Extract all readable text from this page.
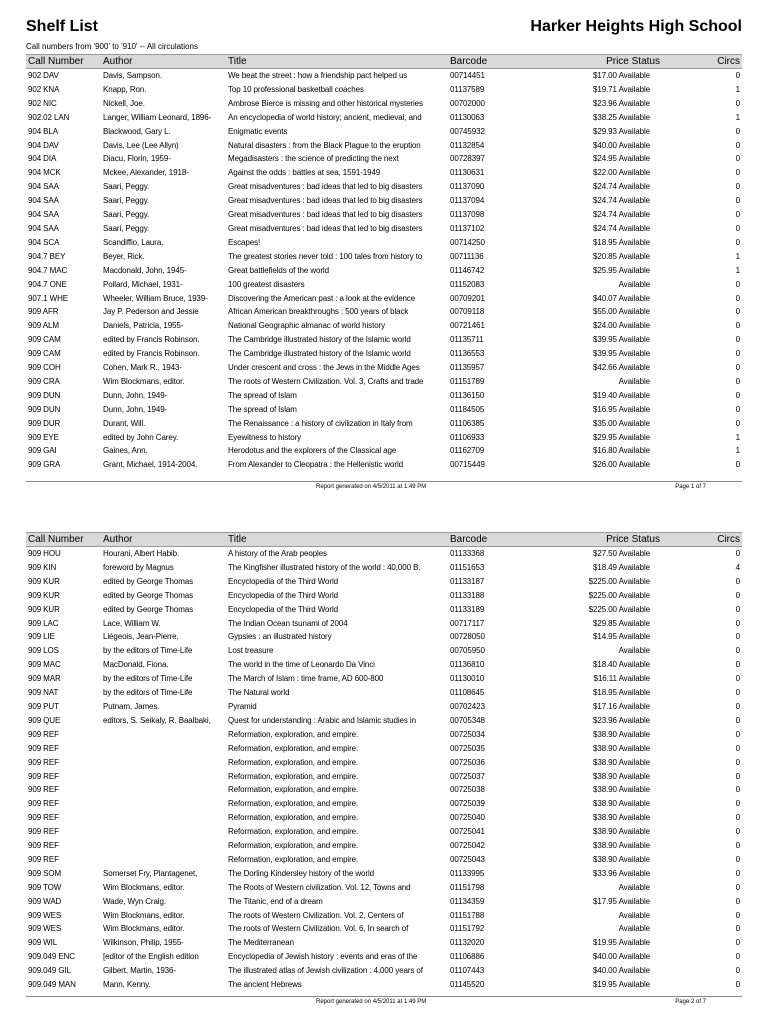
Shelf List	Harker Heights High School
Call numbers from '900' to '910' -- All circulations
Call Number	Author	Title	Barcode	Price Status	Circs
902 DAV	Davis, Sampson.	We beat the street : how a friendship pact helped us	00714451	$17.00 Available	0
902 KNA	Knapp, Ron.	Top 10 professional basketball coaches	01137589	$19.71 Available	1
902 NIC	Nickell, Joe.	Ambrose Bierce is missing and other historical mysteries	00702000	$23.96 Available	0
902.02 LAN	Langer, William Leonard, 1896-	An encyclopedia of world history; ancient, medieval, and	01130063	$38.25 Available	1
904 BLA	Blackwood, Gary L.	Enigmatic events	00745932	$29.93 Available	0
904 DAV	Davis, Lee (Lee Allyn)	Natural disasters : from the Black Plague to the eruption	01132854	$40.00 Available	0
904 DIA	Diacu, Florin, 1959-	Megadisasters : the science of predicting the next	00728397	$24.95 Available	0
904 MCK	Mckee, Alexander, 1918-	Against the odds : battles at sea, 1591-1949	01130631	$22.00 Available	0
904 SAA	Saari, Peggy.	Great misadventures : bad ideas that led to big disasters	01137090	$24.74 Available	0
904 SAA	Saari, Peggy.	Great misadventures : bad ideas that led to big disasters	01137094	$24.74 Available	0
904 SAA	Saari, Peggy.	Great misadventures : bad ideas that led to big disasters	01137098	$24.74 Available	0
904 SAA	Saari, Peggy.	Great misadventures : bad ideas that led to big disasters	01137102	$24.74 Available	0
904 SCA	Scandiffio, Laura.	Escapes!	00714250	$18.95 Available	0
904.7 BEY	Beyer, Rick.	The greatest stories never told : 100 tales from history to	00711136	$20.85 Available	1
904.7 MAC	Macdonald, John, 1945-	Great battlefields of the world	01146742	$25.95 Available	1
904.7 ONE	Pollard, Michael, 1931-	100 greatest disasters	01152083	Available	0
907.1 WHE	Wheeler, William Bruce, 1939-	Discovering the American past : a look at the evidence	00709201	$40.07 Available	0
909 AFR	Jay P. Pederson and Jessie	African American breakthroughs : 500 years of black	00709118	$55.00 Available	0
909 ALM	Daniels, Patricia, 1955-	National Geographic almanac of world history	00721461	$24.00 Available	0
909 CAM	edited by Francis Robinson.	The Cambridge illustrated history of the Islamic world	01135711	$39.95 Available	0
909 CAM	edited by Francis Robinson.	The Cambridge illustrated history of the Islamic world	01136553	$39.95 Available	0
909 COH	Cohen, Mark R., 1943-	Under crescent and cross : the Jews in the Middle Ages	01135957	$42.66 Available	0
909 CRA	Wim Blockmans, editor.	The roots of Western Civilization. Vol. 3, Crafts and trade	01151789	Available	0
909 DUN	Dunn, John, 1949-	The spread of Islam	01136150	$19.40 Available	0
909 DUN	Dunn, John, 1949-	The spread of Islam	01184505	$16.95 Available	0
909 DUR	Durant, Will.	The Renaissance : a history of civilization in Italy from	01106385	$35.00 Available	0
909 EYE	edited by John Carey.	Eyewitness to history	01106933	$29.95 Available	1
909 GAI	Gaines, Ann.	Herodotus and the explorers of the Classical age	01162709	$16.80 Available	1
909 GRA	Grant, Michael, 1914-2004.	From Alexander to Cleopatra : the Hellenistic world	00715449	$26.00 Available	0
Report generated on 4/5/2011 at 1:49 PM	Page 1 of 7
Call Number	Author	Title	Barcode	Price Status	Circs
909 HOU	Hourani, Albert Habib.	A history of the Arab peoples	01133368	$27.50 Available	0
909 KIN	foreword by Magnus	The Kingfisher illustrated history of the world : 40,000 B.	01151653	$18.49 Available	4
909 KUR	edited by George Thomas	Encyclopedia of the Third World	01133187	$225.00 Available	0
909 KUR	edited by George Thomas	Encyclopedia of the Third World	01133188	$225.00 Available	0
909 KUR	edited by George Thomas	Encyclopedia of the Third World	01133189	$225.00 Available	0
909 LAC	Lace, William W.	The Indian Ocean tsunami of 2004	00717117	$29.85 Available	0
909 LIE	Liégeois, Jean-Pierre.	Gypsies : an illustrated history	00728050	$14.95 Available	0
909 LOS	by the editors of Time-Life	Lost treasure	00705950	Available	0
909 MAC	MacDonald, Fiona.	The world in the time of Leonardo Da Vinci	01136810	$18.40 Available	0
909 MAR	by the editors of Time-Life	The March of Islam : time frame, AD 600-800	01130010	$16.11 Available	0
909 NAT	by the editors of Time-Life	The Natural world	01108645	$18.95 Available	0
909 PUT	Putnam, James.	Pyramid	00702423	$17.16 Available	0
909 QUE	editors, S. Seikaly, R. Baalbaki,	Quest for understanding : Arabic and Islamic studies in	00705348	$23.96 Available	0
909 REF		Reformation, exploration, and empire.	00725034	$38.90 Available	0
909 REF		Reformation, exploration, and empire.	00725035	$38.90 Available	0
909 REF		Reformation, exploration, and empire.	00725036	$38.90 Available	0
909 REF		Reformation, exploration, and empire.	00725037	$38.90 Available	0
909 REF		Reformation, exploration, and empire.	00725038	$38.90 Available	0
909 REF		Reformation, exploration, and empire.	00725039	$38.90 Available	0
909 REF		Reformation, exploration, and empire.	00725040	$38.90 Available	0
909 REF		Reformation, exploration, and empire.	00725041	$38.90 Available	0
909 REF		Reformation, exploration, and empire.	00725042	$38.90 Available	0
909 REF		Reformation, exploration, and empire.	00725043	$38.90 Available	0
909 SOM	Somerset Fry, Plantagenet,	The Dorling Kindersley history of the world	01133995	$33.96 Available	0
909 TOW	Wim Blockmans, editor.	The Roots of Western civilization. Vol. 12, Towns and	01151798	Available	0
909 WAD	Wade, Wyn Craig.	The Titanic, end of a dream	01134359	$17.95 Available	0
909 WES	Wim Blockmans, editor.	The roots of Western Civilization. Vol. 2, Centers of	01151788	Available	0
909 WES	Wim Blockmans, editor.	The roots of Western Civilization. Vol. 6, In search of	01151792	Available	0
909 WIL	Wilkinson, Philip, 1955-	The Mediterranean	01132020	$19.95 Available	0
909.049 ENC	[editor of the English edition	Encyclopedia of Jewish history : events and eras of the	01106886	$40.00 Available	0
909.049 GIL	Gilbert, Martin, 1936-	The illustrated atlas of Jewish civilization : 4,000 years of	01107443	$40.00 Available	0
909.049 MAN	Mann, Kenny.	The ancient Hebrews	01145520	$19.95 Available	0
Report generated on 4/5/2011 at 1:49 PM	Page 2 of 7
